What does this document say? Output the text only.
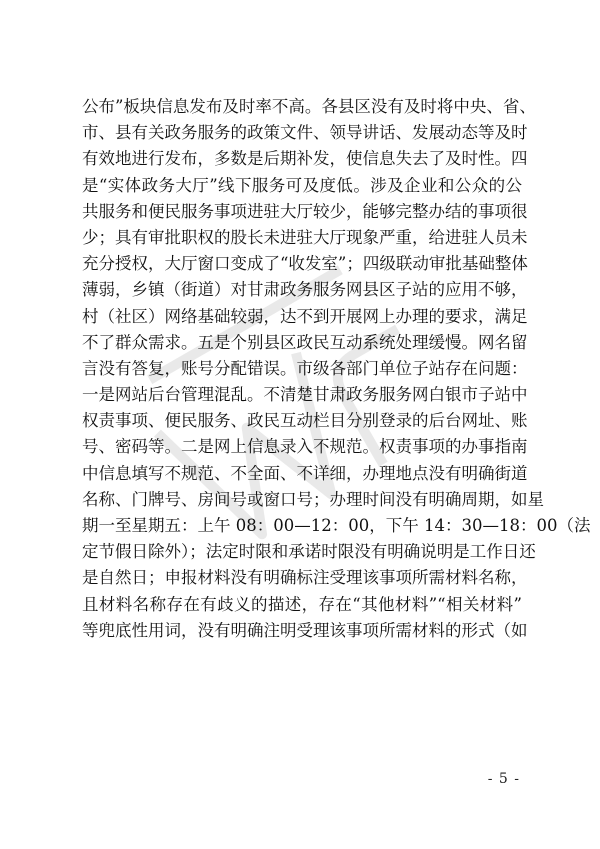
公布”板块信息发布及时率不高。各县区没有及时将中央、省、
市、县有关政务服务的政策文件、领导讲话、发展动态等及时
有效地进行发布，多数是后期补发，使信息失去了及时性。四
是“实体政务大厅”线下服务可及度低。涉及企业和公众的公
共服务和便民服务事项进驻大厅较少，能够完整办结的事项很
少；具有审批职权的股长未进驻大厅现象严重，给进驻人员未
充分授权，大厅窗口变成了“收发室”；四级联动审批基础整体
薄弱，乡镇（街道）对甘肃政务服务网县区子站的应用不够，
村（社区）网络基础较弱，达不到开展网上办理的要求，满足
不了群众需求。五是个别县区政民互动系统处理缓慢。网名留
言没有答复，账号分配错误。市级各部门单位子站存在问题：
一是网站后台管理混乱。不清楚甘肃政务服务网白银市子站中
权责事项、便民服务、政民互动栏目分别登录的后台网址、账
号、密码等。二是网上信息录入不规范。权责事项的办事指南
中信息填写不规范、不全面、不详细，办理地点没有明确街道
名称、门牌号、房间号或窗口号；办理时间没有明确周期，如星
期一至星期五：上午 08：00—12：00，下午 14：30—18：00（法
定节假日除外）；法定时限和承诺时限没有明确说明是工作日还
是自然日；申报材料没有明确标注受理该事项所需材料名称，
且材料名称存在有歧义的描述，存在“其他材料”“相关材料”
等兜底性用词，没有明确注明受理该事项所需材料的形式（如
- 5 -
